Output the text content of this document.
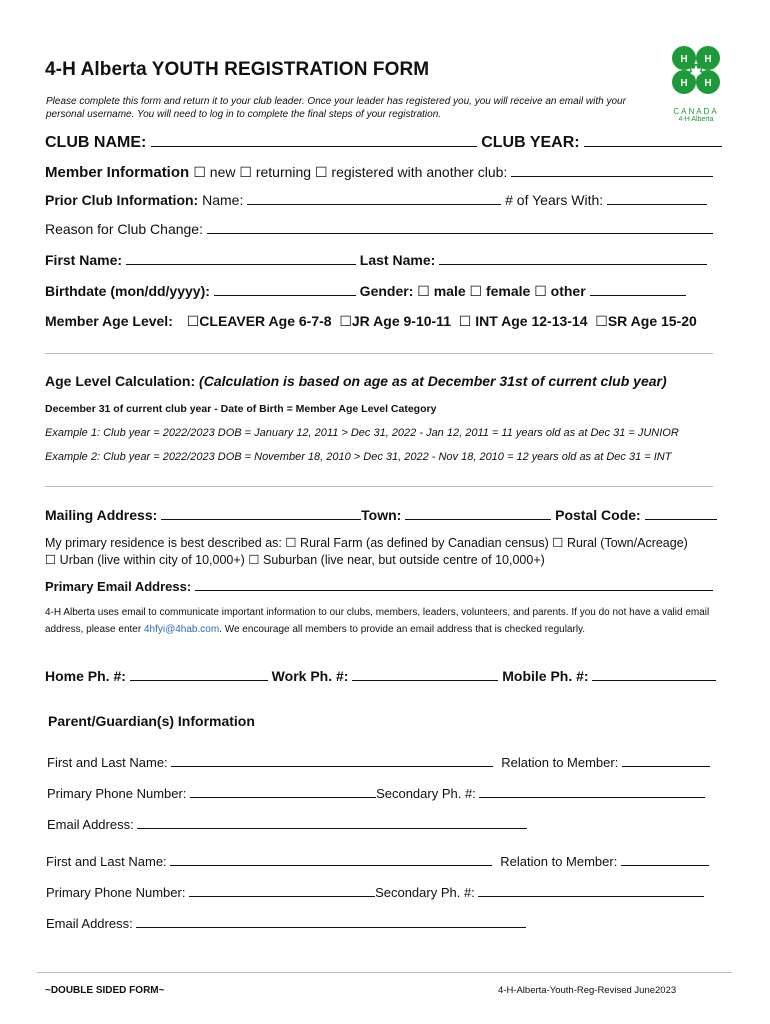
4-H Alberta YOUTH REGISTRATION FORM
Please complete this form and return it to your club leader. Once your leader has registered you, you will receive an email with your
personal username. You will need to log in to complete the final steps of your registration.
H H
H H
CANADA
4-H Alberta
CLUB NAME:	CLUB YEAR:
Member Information ☐ new ☐ returning ☐ registered with another club:
Prior Club Information: Name:	# of Years With:
Reason for Club Change:
First Name:	Last Name:
Birthdate (mon/dd/yyyy):	Gender: ☐ male ☐ female ☐ other
Member Age Level: ☐CLEAVER Age 6-7-8 ☐JR Age 9-10-11 ☐ INT Age 12-13-14 ☐SR Age 15-20
Age Level Calculation: (Calculation is based on age as at December 31st of current club year)
December 31 of current club year - Date of Birth = Member Age Level Category
Example 1: Club year = 2022/2023 DOB = January 12, 2011 > Dec 31, 2022 - Jan 12, 2011 = 11 years old as at Dec 31 = JUNIOR
Example 2: Club year = 2022/2023 DOB = November 18, 2010 > Dec 31, 2022 - Nov 18, 2010 = 12 years old as at Dec 31 = INT
Mailing Address:	Town:	Postal Code:
My primary residence is best described as: ☐ Rural Farm (as defined by Canadian census) ☐ Rural (Town/Acreage)
☐ Urban (live within city of 10,000+) ☐ Suburban (live near, but outside centre of 10,000+)
Primary Email Address:
4-H Alberta uses email to communicate important information to our clubs, members, leaders, volunteers, and parents. If you do not have a valid email
address, please enter 4hfyi@4hab.com. We encourage all members to provide an email address that is checked regularly.
Home Ph. #:	Work Ph. #:	Mobile Ph. #:
Parent/Guardian(s) Information
First and Last Name:	Relation to Member:
Primary Phone Number:	Secondary Ph. #:
Email Address:
First and Last Name:	Relation to Member:
Primary Phone Number:	Secondary Ph. #:
Email Address:
~DOUBLE SIDED FORM~	4-H-Alberta-Youth-Reg-Revised June2023
